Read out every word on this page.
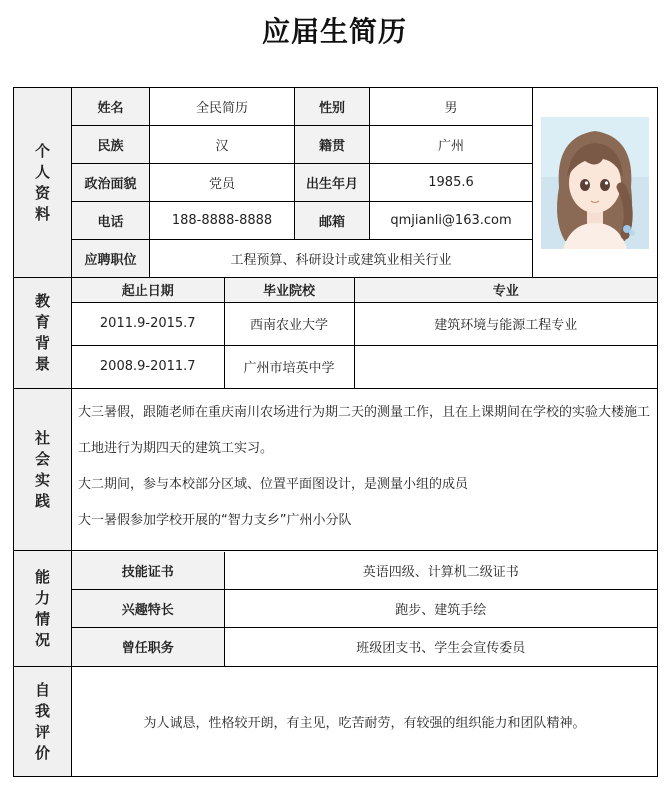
应届生简历
个人资料	姓名	全民简历	性别	男	

民族	汉	籍贯	广州
政治面貌	党员	出生年月	1985.6
电话	188-8888-8888	邮箱	qmjianli@163.com
应聘职位	工程预算、科研设计或建筑业相关行业
教育背景	
起止日期	毕业院校	专业
2011.9-2015.7	西南农业大学	建筑环境与能源工程专业
2008.9-2011.7	广州市培英中学	

社会实践	

大三暑假，跟随老师在重庆南川农场进行为期二天的测量工作，且在上课期间在学校的实验大楼施工工地进行为期四天的建筑工实习。

大二期间，参与本校部分区域、位置平面图设计，是测量小组的成员

大一暑假参加学校开展的“智力支乡”广州小分队

能力情况	
技能证书	英语四级、计算机二级证书
兴趣特长	跑步、建筑手绘
曾任职务	班级团支书、学生会宣传委员

自我评价	为人诚恳，性格较开朗，有主见，吃苦耐劳，有较强的组织能力和团队精神。
